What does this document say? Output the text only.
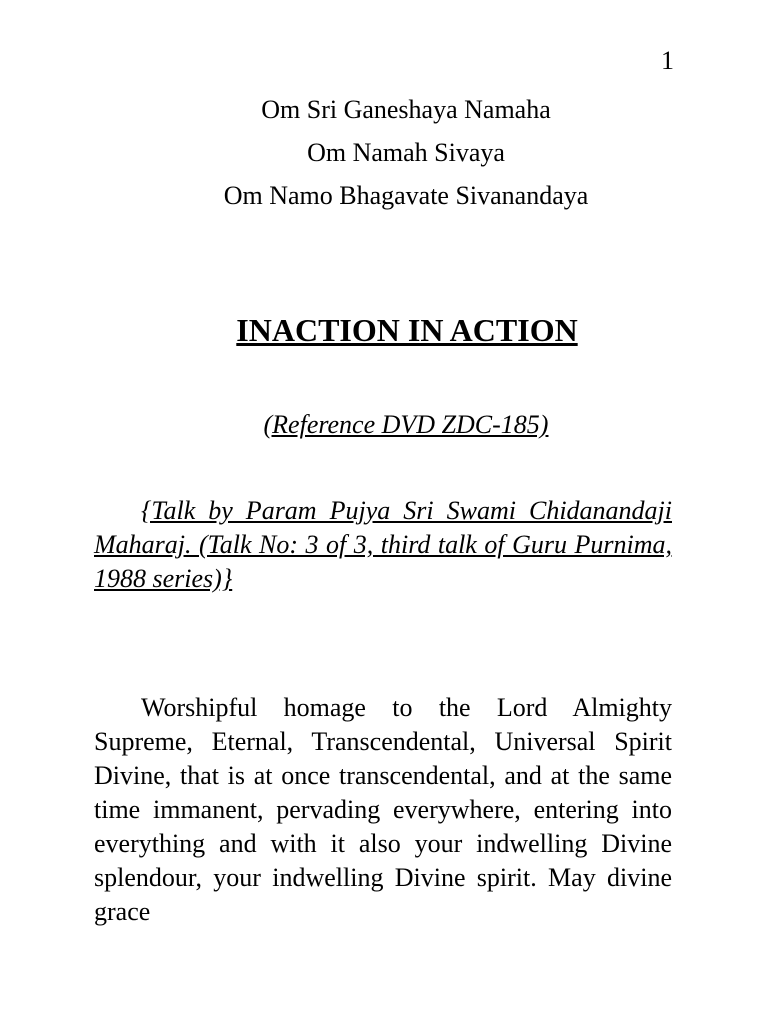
1
Om Sri Ganeshaya Namaha
Om Namah Sivaya
Om Namo Bhagavate Sivanandaya
INACTION IN ACTION
(Reference DVD ZDC-185)

{Talk by Param Pujya Sri Swami Chidanandaji Maharaj. (Talk No: 3 of 3, third talk of Guru Purnima, 1988 series)}

Worshipful homage to the Lord Almighty Supreme, Eternal, Transcendental, Universal Spirit Divine, that is at once transcendental, and at the same time immanent, pervading everywhere, entering into everything and with it also your indwelling Divine splendour, your indwelling Divine spirit. May divine grace
